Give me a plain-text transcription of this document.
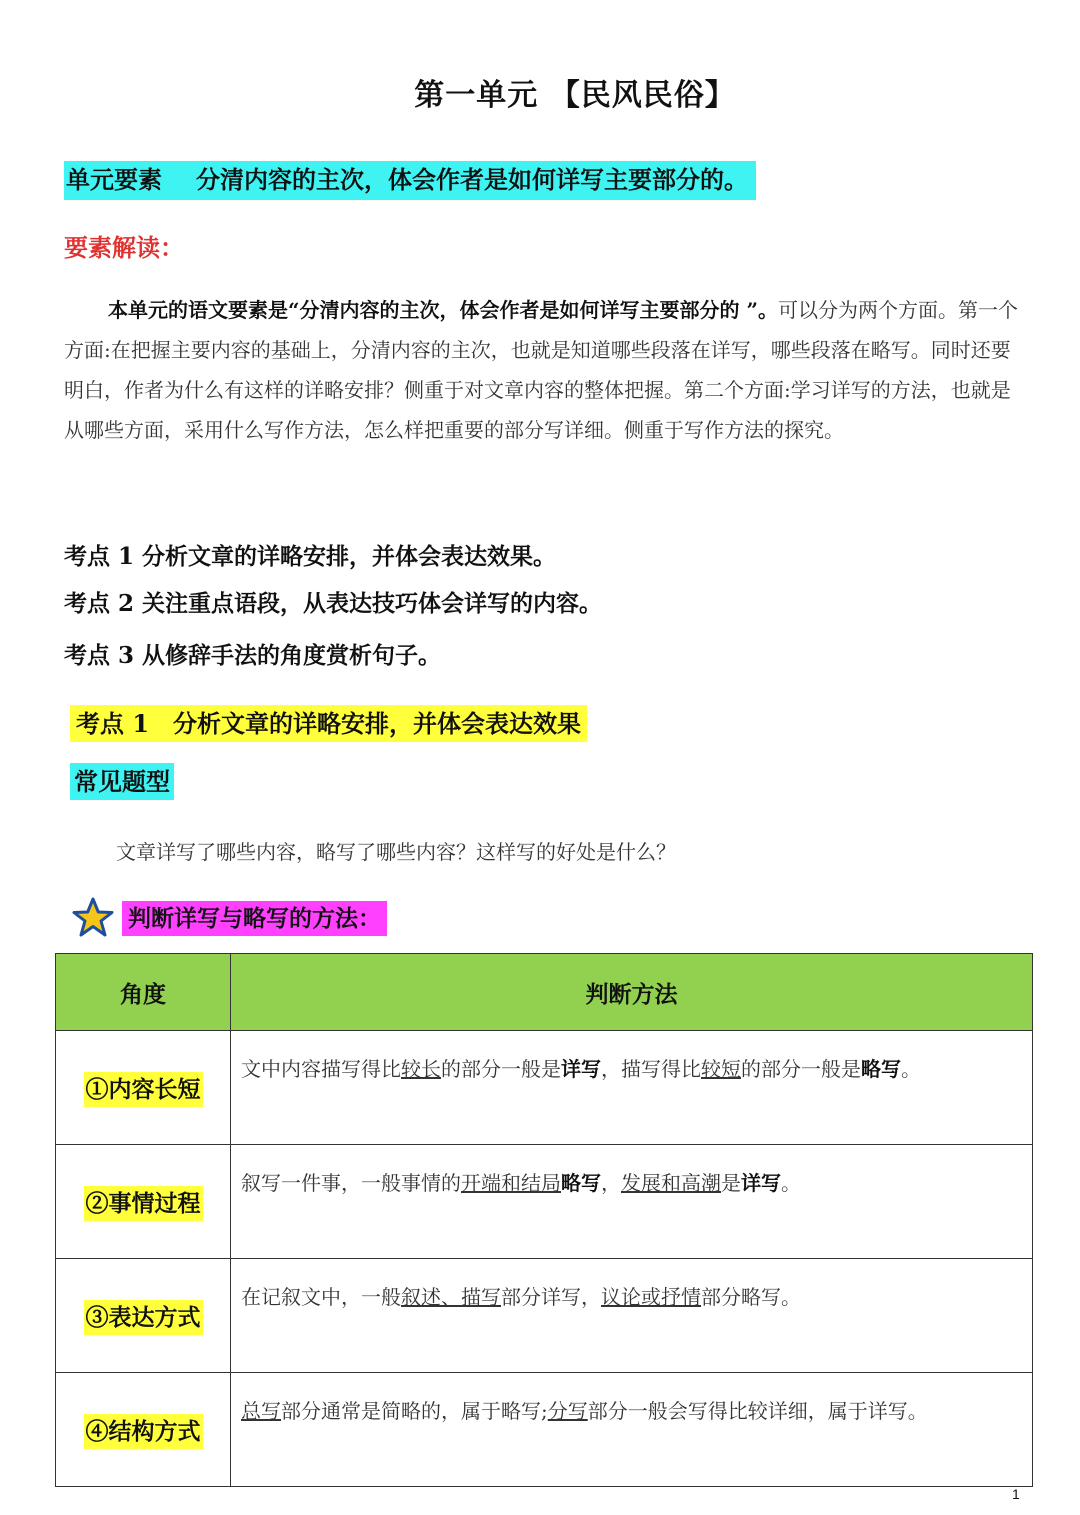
第一单元 【民风民俗】
单元要素 分清内容的主次，体会作者是如何详写主要部分的。
要素解读：
本单元的语文要素是“分清内容的主次，体会作者是如何详写主要部分的 ”。可以分为两个方面。第一个方面:在把握主要内容的基础上，分清内容的主次，也就是知道哪些段落在详写，哪些段落在略写。同时还要明白，作者为什么有这样的详略安排？侧重于对文章内容的整体把握。第二个方面:学习详写的方法，也就是从哪些方面，采用什么写作方法，怎么样把重要的部分写详细。侧重于写作方法的探究。
考点 1 分析文章的详略安排，并体会表达效果。
考点 2 关注重点语段，从表达技巧体会详写的内容。
考点 3 从修辞手法的角度赏析句子。
考点 1　分析文章的详略安排，并体会表达效果
常见题型
文章详写了哪些内容，略写了哪些内容？这样写的好处是什么？
判断详写与略写的方法：
角度	判断方法
①内容长短	文中内容描写得比较长的部分一般是详写，描写得比较短的部分一般是略写。
②事情过程	叙写一件事，一般事情的开端和结局略写，发展和高潮是详写。
③表达方式	在记叙文中，一般叙述、描写部分详写，议论或抒情部分略写。
④结构方式	总写部分通常是简略的，属于略写;分写部分一般会写得比较详细，属于详写。
1
